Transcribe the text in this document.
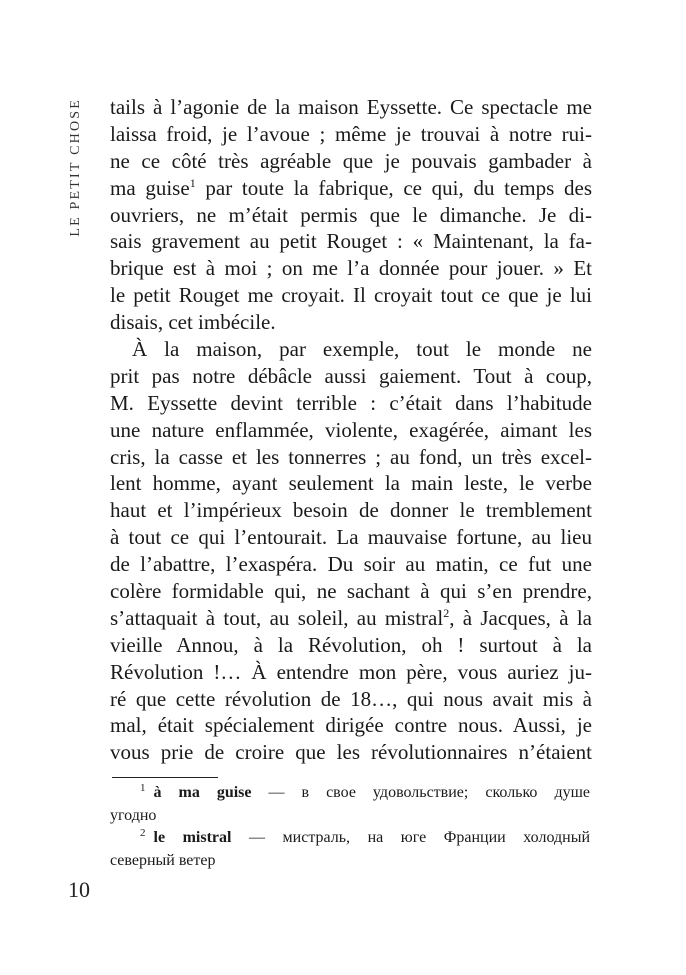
LE PETIT CHOSE tails à l’agonie de la maison Eyssette. Ce spectacle me
laissa froid, je l’avoue ; même je trouvai à notre rui-
ne ce côté très agréable que je pouvais gambader à
ma guise$^1$ par toute la fabrique, ce qui, du temps des
ouvriers, ne m’était permis que le dimanche. Je di-
sais gravement au petit Rouget : « Maintenant, la fa-
brique est à moi ; on me l’a donnée pour jouer. » Et
le petit Rouget me croyait. Il croyait tout ce que je lui
disais, cet imbécile.
À la maison, par exemple, tout le monde ne
prit pas notre débâcle aussi gaiement. Tout à coup,
M. Eyssette devint terrible : c’était dans l’habitude
une nature enflammée, violente, exagérée, aimant les
cris, la casse et les tonnerres ; au fond, un très excel-
lent homme, ayant seulement la main leste, le verbe
haut et l’impérieux besoin de donner le tremblement
à tout ce qui l’entourait. La mauvaise fortune, au lieu
de l’abattre, l’exaspéra. Du soir au matin, ce fut une
colère formidable qui, ne sachant à qui s’en prendre,
s’attaquait à tout, au soleil, au mistral$^2$, à Jacques, à la
vieille Annou, à la Révolution, oh ! surtout à la
Révolution !… À entendre mon père, vous auriez ju-
ré que cette révolution de 18…, qui nous avait mis à
mal, était spécialement dirigée contre nous. Aussi, je
vous prie de croire que les révolutionnaires n’étaient
$^1$ à ma guise — в свое удовольствие; сколько душе
угодно
$^2$ le mistral — мистраль, на юге Франции холодный
северный ветер
10
